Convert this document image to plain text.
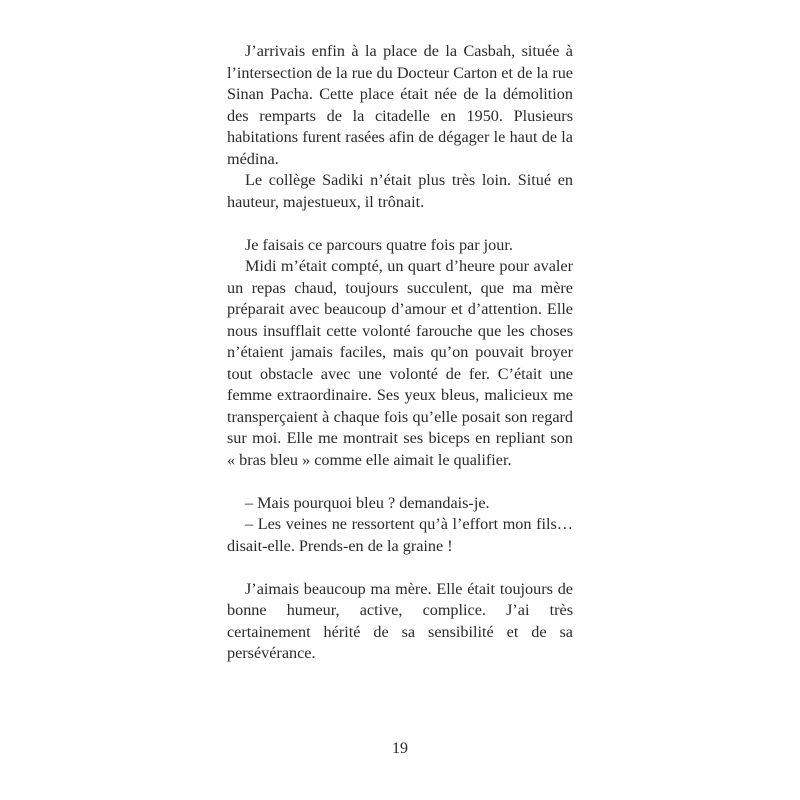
J’arrivais enfin à la place de la Casbah, située à l’intersection de la rue du Docteur Carton et de la rue Sinan Pacha. Cette place était née de la démolition des remparts de la citadelle en 1950. Plusieurs habitations furent rasées afin de dégager le haut de la médina.

Le collège Sadiki n’était plus très loin. Situé en hauteur, majestueux, il trônait.

Je faisais ce parcours quatre fois par jour.

Midi m’était compté, un quart d’heure pour avaler un repas chaud, toujours succulent, que ma mère préparait avec beaucoup d’amour et d’attention. Elle nous insufflait cette volonté farouche que les choses n’étaient jamais faciles, mais qu’on pouvait broyer tout obstacle avec une volonté de fer. C’était une femme extraordinaire. Ses yeux bleus, malicieux me transperçaient à chaque fois qu’elle posait son regard sur moi. Elle me montrait ses biceps en repliant son « bras bleu » comme elle aimait le qualifier.

– Mais pourquoi bleu ? demandais-je.

– Les veines ne ressortent qu’à l’effort mon fils… disait-elle. Prends-en de la graine !

J’aimais beaucoup ma mère. Elle était toujours de bonne humeur, active, complice. J’ai très certainement hérité de sa sensibilité et de sa persévérance.

19
